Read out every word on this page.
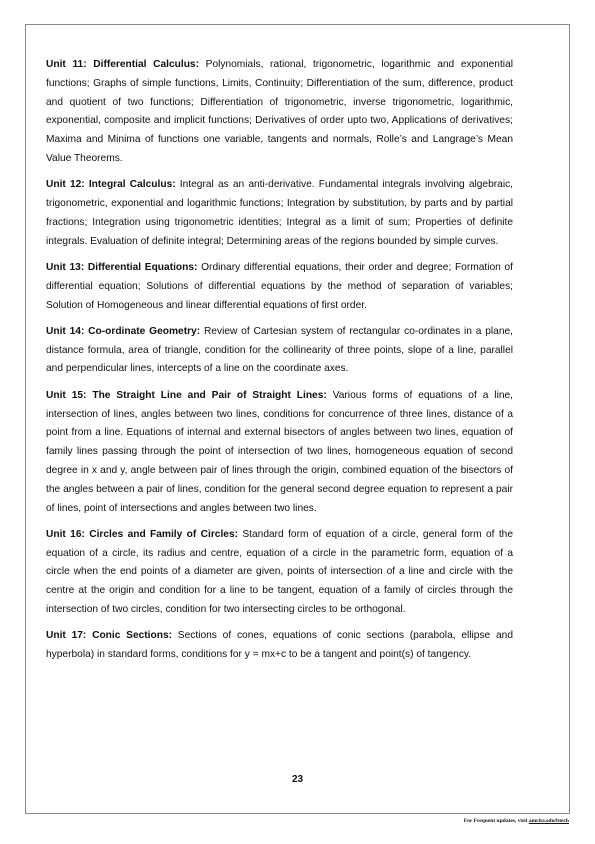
Unit 11: Differential Calculus: Polynomials, rational, trigonometric, logarithmic and exponential functions; Graphs of simple functions, Limits, Continuity; Differentiation of the sum, difference, product and quotient of two functions; Differentiation of trigonometric, inverse trigonometric, logarithmic, exponential, composite and implicit functions; Derivatives of order upto two, Applications of derivatives; Maxima and Minima of functions one variable, tangents and normals, Rolle’s and Langrage’s Mean Value Theorems.

Unit 12: Integral Calculus: Integral as an anti-derivative. Fundamental integrals involving algebraic, trigonometric, exponential and logarithmic functions; Integration by substitution, by parts and by partial fractions; Integration using trigonometric identities; Integral as a limit of sum; Properties of definite integrals. Evaluation of definite integral; Determining areas of the regions bounded by simple curves.

Unit 13: Differential Equations: Ordinary differential equations, their order and degree; Formation of differential equation; Solutions of differential equations by the method of separation of variables; Solution of Homogeneous and linear differential equations of first order.

Unit 14: Co-ordinate Geometry: Review of Cartesian system of rectangular co-ordinates in a plane, distance formula, area of triangle, condition for the collinearity of three points, slope of a line, parallel and perpendicular lines, intercepts of a line on the coordinate axes.

Unit 15: The Straight Line and Pair of Straight Lines: Various forms of equations of a line, intersection of lines, angles between two lines, conditions for concurrence of three lines, distance of a point from a line. Equations of internal and external bisectors of angles between two lines, equation of family lines passing through the point of intersection of two lines, homogeneous equation of second degree in x and y, angle between pair of lines through the origin, combined equation of the bisectors of the angles between a pair of lines, condition for the general second degree equation to represent a pair of lines, point of intersections and angles between two lines.

Unit 16: Circles and Family of Circles: Standard form of equation of a circle, general form of the equation of a circle, its radius and centre, equation of a circle in the parametric form, equation of a circle when the end points of a diameter are given, points of intersection of a line and circle with the centre at the origin and condition for a line to be tangent, equation of a family of circles through the intersection of two circles, condition for two intersecting circles to be orthogonal.

Unit 17: Conic Sections: Sections of cones, equations of conic sections (parabola, ellipse and hyperbola) in standard forms, conditions for y = mx+c to be a tangent and point(s) of tangency.

23
For Frequent updates, visit amrita.edu/btech
